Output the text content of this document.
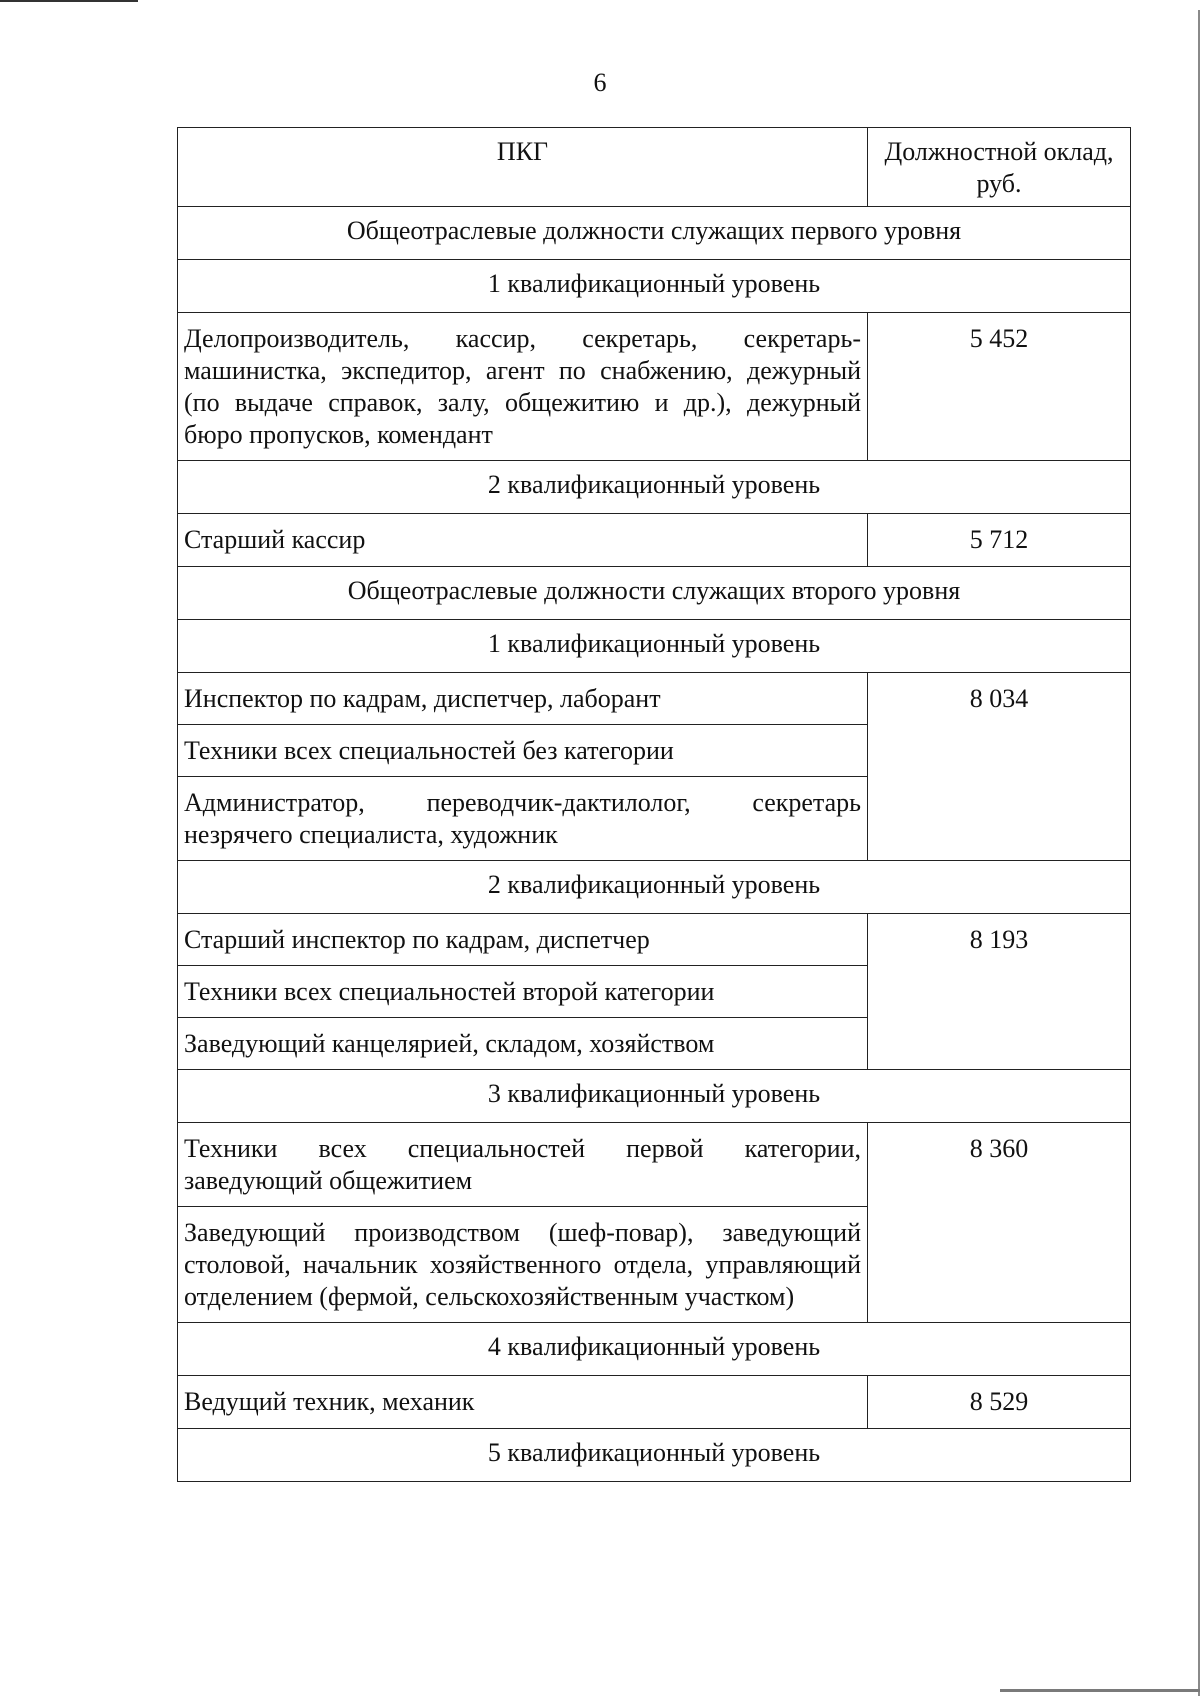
6
ПКГ	Должностной оклад, руб.
Общеотраслевые должности служащих первого уровня	
1 квалификационный уровень	
Делопроизводитель, кассир, секретарь, секретарь-машинистка, экспедитор, агент по снабжению, дежурный (по выдаче справок, залу, общежитию и др.), дежурный бюро пропусков, комендант	5 452
2 квалификационный уровень	
Старший кассир	5 712
Общеотраслевые должности служащих второго уровня	
1 квалификационный уровень	
Инспектор по кадрам, диспетчер, лаборант	8 034
Техники всех специальностей без категории	
Администратор, переводчик-дактилолог, секретарь незрячего специалиста, художник	
2 квалификационный уровень	
Старший инспектор по кадрам, диспетчер	8 193
Техники всех специальностей второй категории	
Заведующий канцелярией, складом, хозяйством	
3 квалификационный уровень	
Техники всех специальностей первой категории, заведующий общежитием	8 360
Заведующий производством (шеф-повар), заведующий столовой, начальник хозяйственного отдела, управляющий отделением (фермой, сельскохозяйственным участком)	
4 квалификационный уровень	
Ведущий техник, механик	8 529
5 квалификационный уровень	
